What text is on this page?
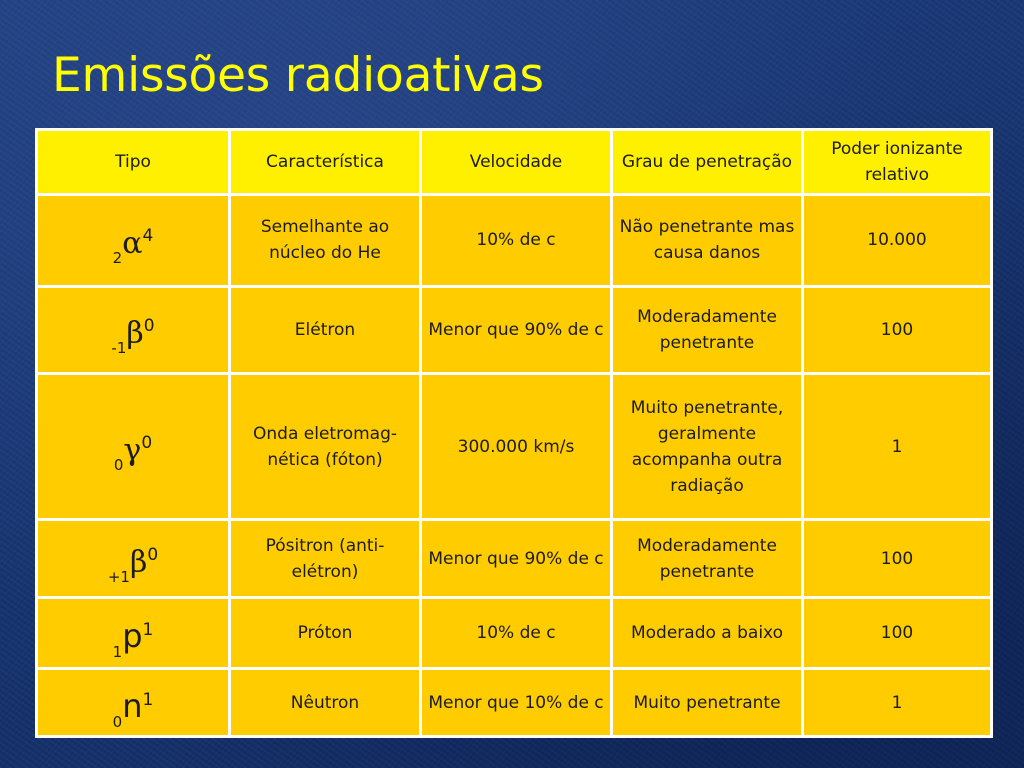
Emissões radioativas
Tipo	Característica	Velocidade	Grau de penetração	Poder ionizante relativo
$_2\alpha^4$	Semelhante ao núcleo do He	10% de c	Não penetrante mas causa danos	10.000
$_{-1}\beta^0$	Elétron	Menor que 90% de c	Moderadamente penetrante	100
$_0\gamma^0$	Onda eletromag-nética (fóton)	300.000 km/s	Muito penetrante, geralmente acompanha outra radiação	1
$_{+1}\beta^0$	Pósitron (anti-elétron)	Menor que 90% de c	Moderadamente penetrante	100
$_1p^1$	Próton	10% de c	Moderado a baixo	100
$_0n^1$	Nêutron	Menor que 10% de c	Muito penetrante	1
